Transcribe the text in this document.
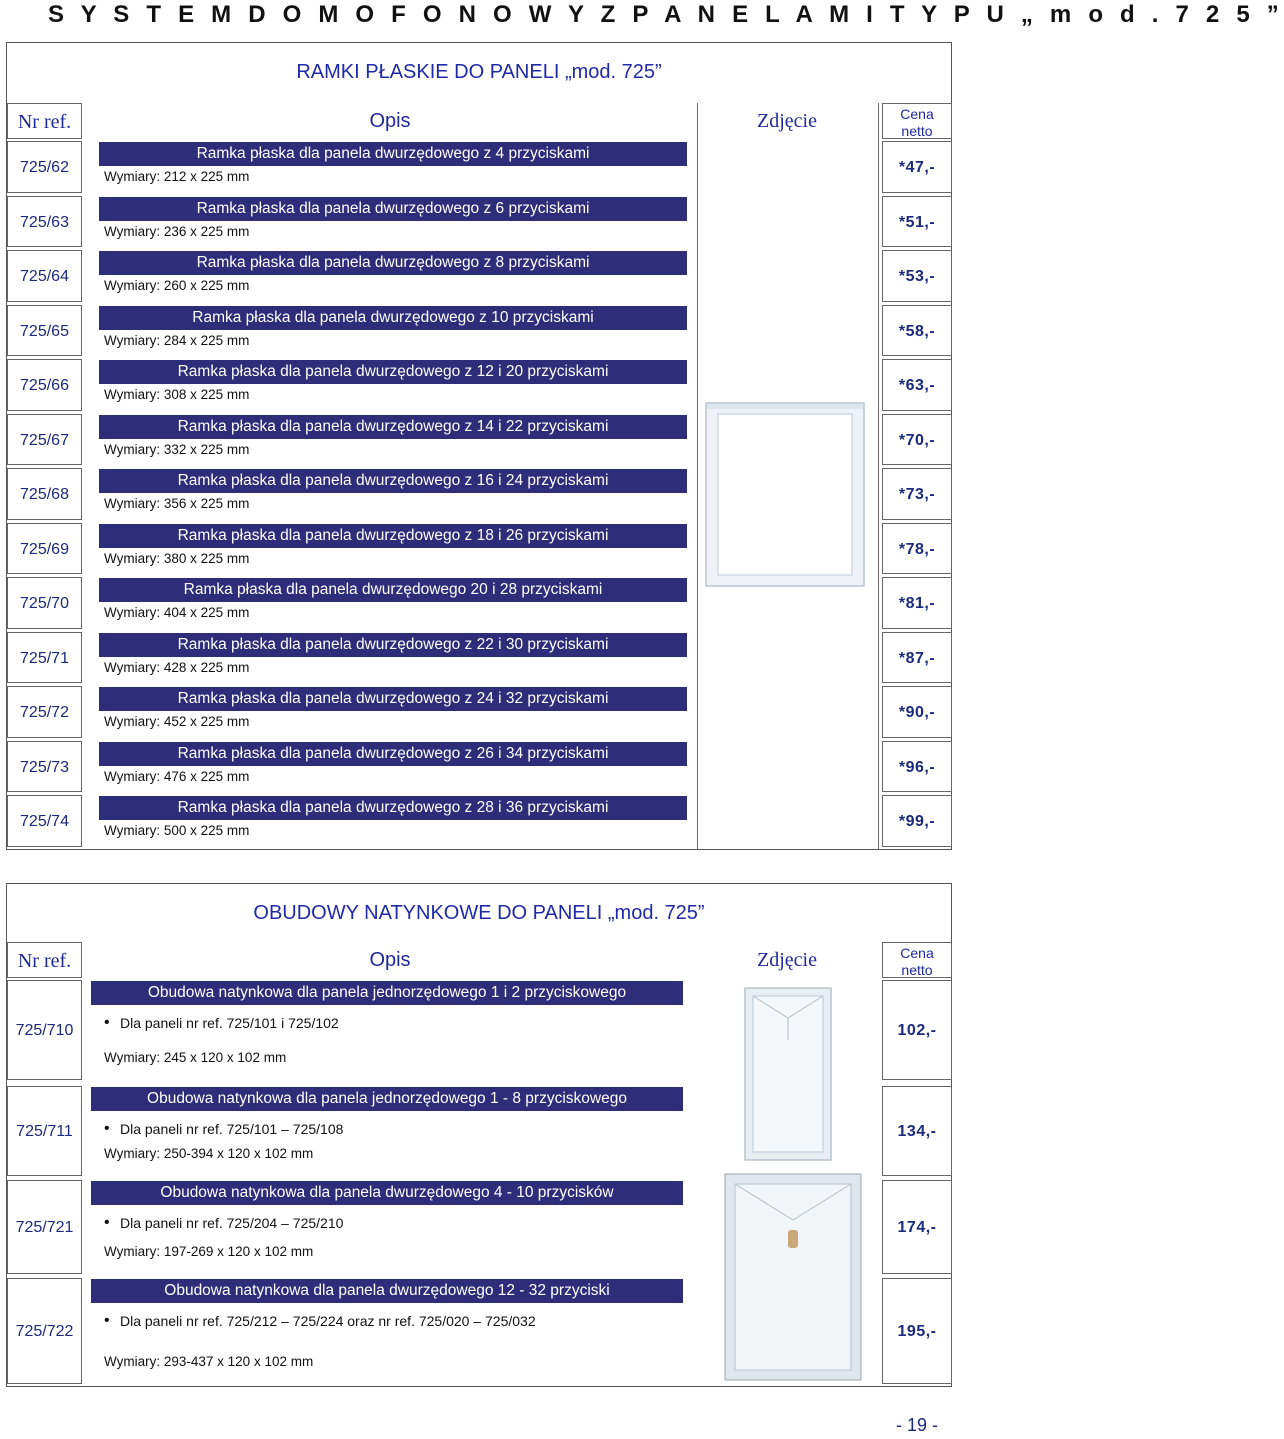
S Y S T E M D O M O F O N O W Y Z P A N E L A M I T Y P U „ m o d . 7 2 5 ”
RAMKI PŁASKIE DO PANELI „mod. 725”
Nr ref.	Opis	Zdjęcie	Cena
netto
725/62
Ramka płaska dla panela dwurzędowego z 4 przyciskami
Wymiary: 212 x 225 mm
*47,-
725/63
Ramka płaska dla panela dwurzędowego z 6 przyciskami
Wymiary: 236 x 225 mm
*51,-
725/64
Ramka płaska dla panela dwurzędowego z 8 przyciskami
Wymiary: 260 x 225 mm
*53,-
725/65
Ramka płaska dla panela dwurzędowego z 10 przyciskami
Wymiary: 284 x 225 mm
*58,-
725/66
Ramka płaska dla panela dwurzędowego z 12 i 20 przyciskami
Wymiary: 308 x 225 mm
*63,-
725/67
Ramka płaska dla panela dwurzędowego z 14 i 22 przyciskami
Wymiary: 332 x 225 mm
*70,-
725/68
Ramka płaska dla panela dwurzędowego z 16 i 24 przyciskami
Wymiary: 356 x 225 mm
*73,-
725/69
Ramka płaska dla panela dwurzędowego z 18 i 26 przyciskami
Wymiary: 380 x 225 mm
*78,-
725/70
Ramka płaska dla panela dwurzędowego 20 i 28 przyciskami
Wymiary: 404 x 225 mm
*81,-
725/71
Ramka płaska dla panela dwurzędowego z 22 i 30 przyciskami
Wymiary: 428 x 225 mm
*87,-
725/72
Ramka płaska dla panela dwurzędowego z 24 i 32 przyciskami
Wymiary: 452 x 225 mm
*90,-
725/73
Ramka płaska dla panela dwurzędowego z 26 i 34 przyciskami
Wymiary: 476 x 225 mm
*96,-
725/74
Ramka płaska dla panela dwurzędowego z 28 i 36 przyciskami
Wymiary: 500 x 225 mm
*99,-
OBUDOWY NATYNKOWE DO PANELI „mod. 725”
Nr ref.	Opis	Zdjęcie	Cena
netto
725/710
Obudowa natynkowa dla panela jednorzędowego 1 i 2 przyciskowego
• Dla paneli nr ref. 725/101 i 725/102
Wymiary: 245 x 120 x 102 mm
102,-
725/711
Obudowa natynkowa dla panela jednorzędowego 1 - 8 przyciskowego
• Dla paneli nr ref. 725/101 – 725/108
Wymiary: 250-394 x 120 x 102 mm
134,-
725/721
Obudowa natynkowa dla panela dwurzędowego 4 - 10 przycisków
• Dla paneli nr ref. 725/204 – 725/210
Wymiary: 197-269 x 120 x 102 mm
174,-
725/722
Obudowa natynkowa dla panela dwurzędowego 12 - 32 przyciski
• Dla paneli nr ref. 725/212 – 725/224 oraz nr ref. 725/020 – 725/032
Wymiary: 293-437 x 120 x 102 mm
195,-
- 19 -
